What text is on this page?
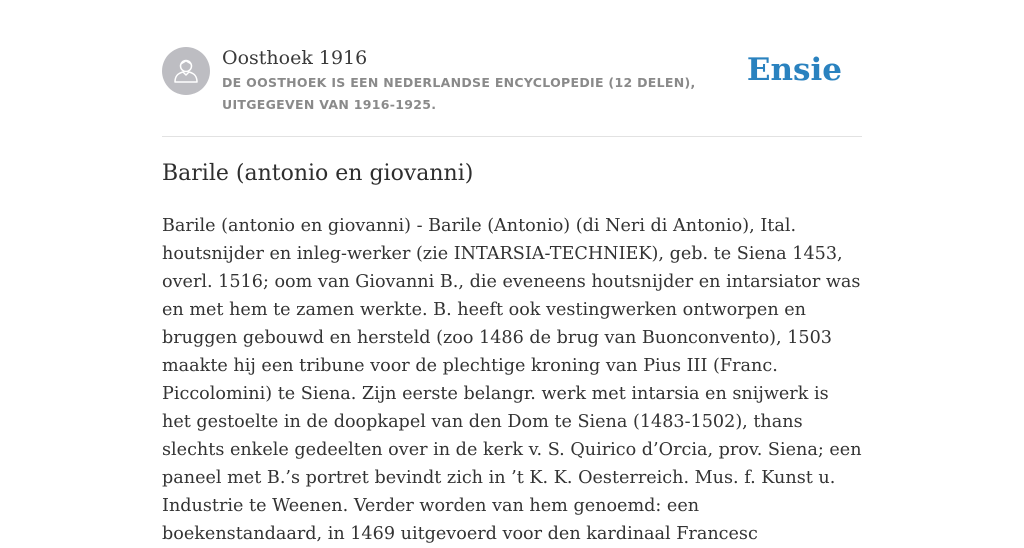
Oosthoek 1916
DE OOSTHOEK IS EEN NEDERLANDSE ENCYCLOPEDIE (12 DELEN), UITGEGEVEN VAN 1916-1925.
Ensie
Barile (antonio en giovanni)

Barile (antonio en giovanni) - Barile (Antonio) (di Neri di Antonio), Ital. houtsnijder en inleg-werker (zie INTARSIA-TECHNIEK), geb. te Siena 1453, overl. 1516; oom van Giovanni B., die eveneens houtsnijder en intarsiator was en met hem te zamen werkte. B. heeft ook vestingwerken ontworpen en bruggen gebouwd en hersteld (zoo 1486 de brug van Buonconvento), 1503 maakte hij een tribune voor de plechtige kroning van Pius III (Franc. Piccolomini) te Siena. Zijn eerste belangr. werk met intarsia en snijwerk is het gestoelte in de doopkapel van den Dom te Siena (1483-1502), thans slechts enkele gedeelten over in de kerk v. S. Quirico d’Orcia, prov. Siena; een paneel met B.’s portret bevindt zich in ’t K. K. Oesterreich. Mus. f. Kunst u. Industrie te Weenen. Verder worden van hem genoemd: een boekenstandaard, in 1469 uitgevoerd voor den kardinaal Francesc
